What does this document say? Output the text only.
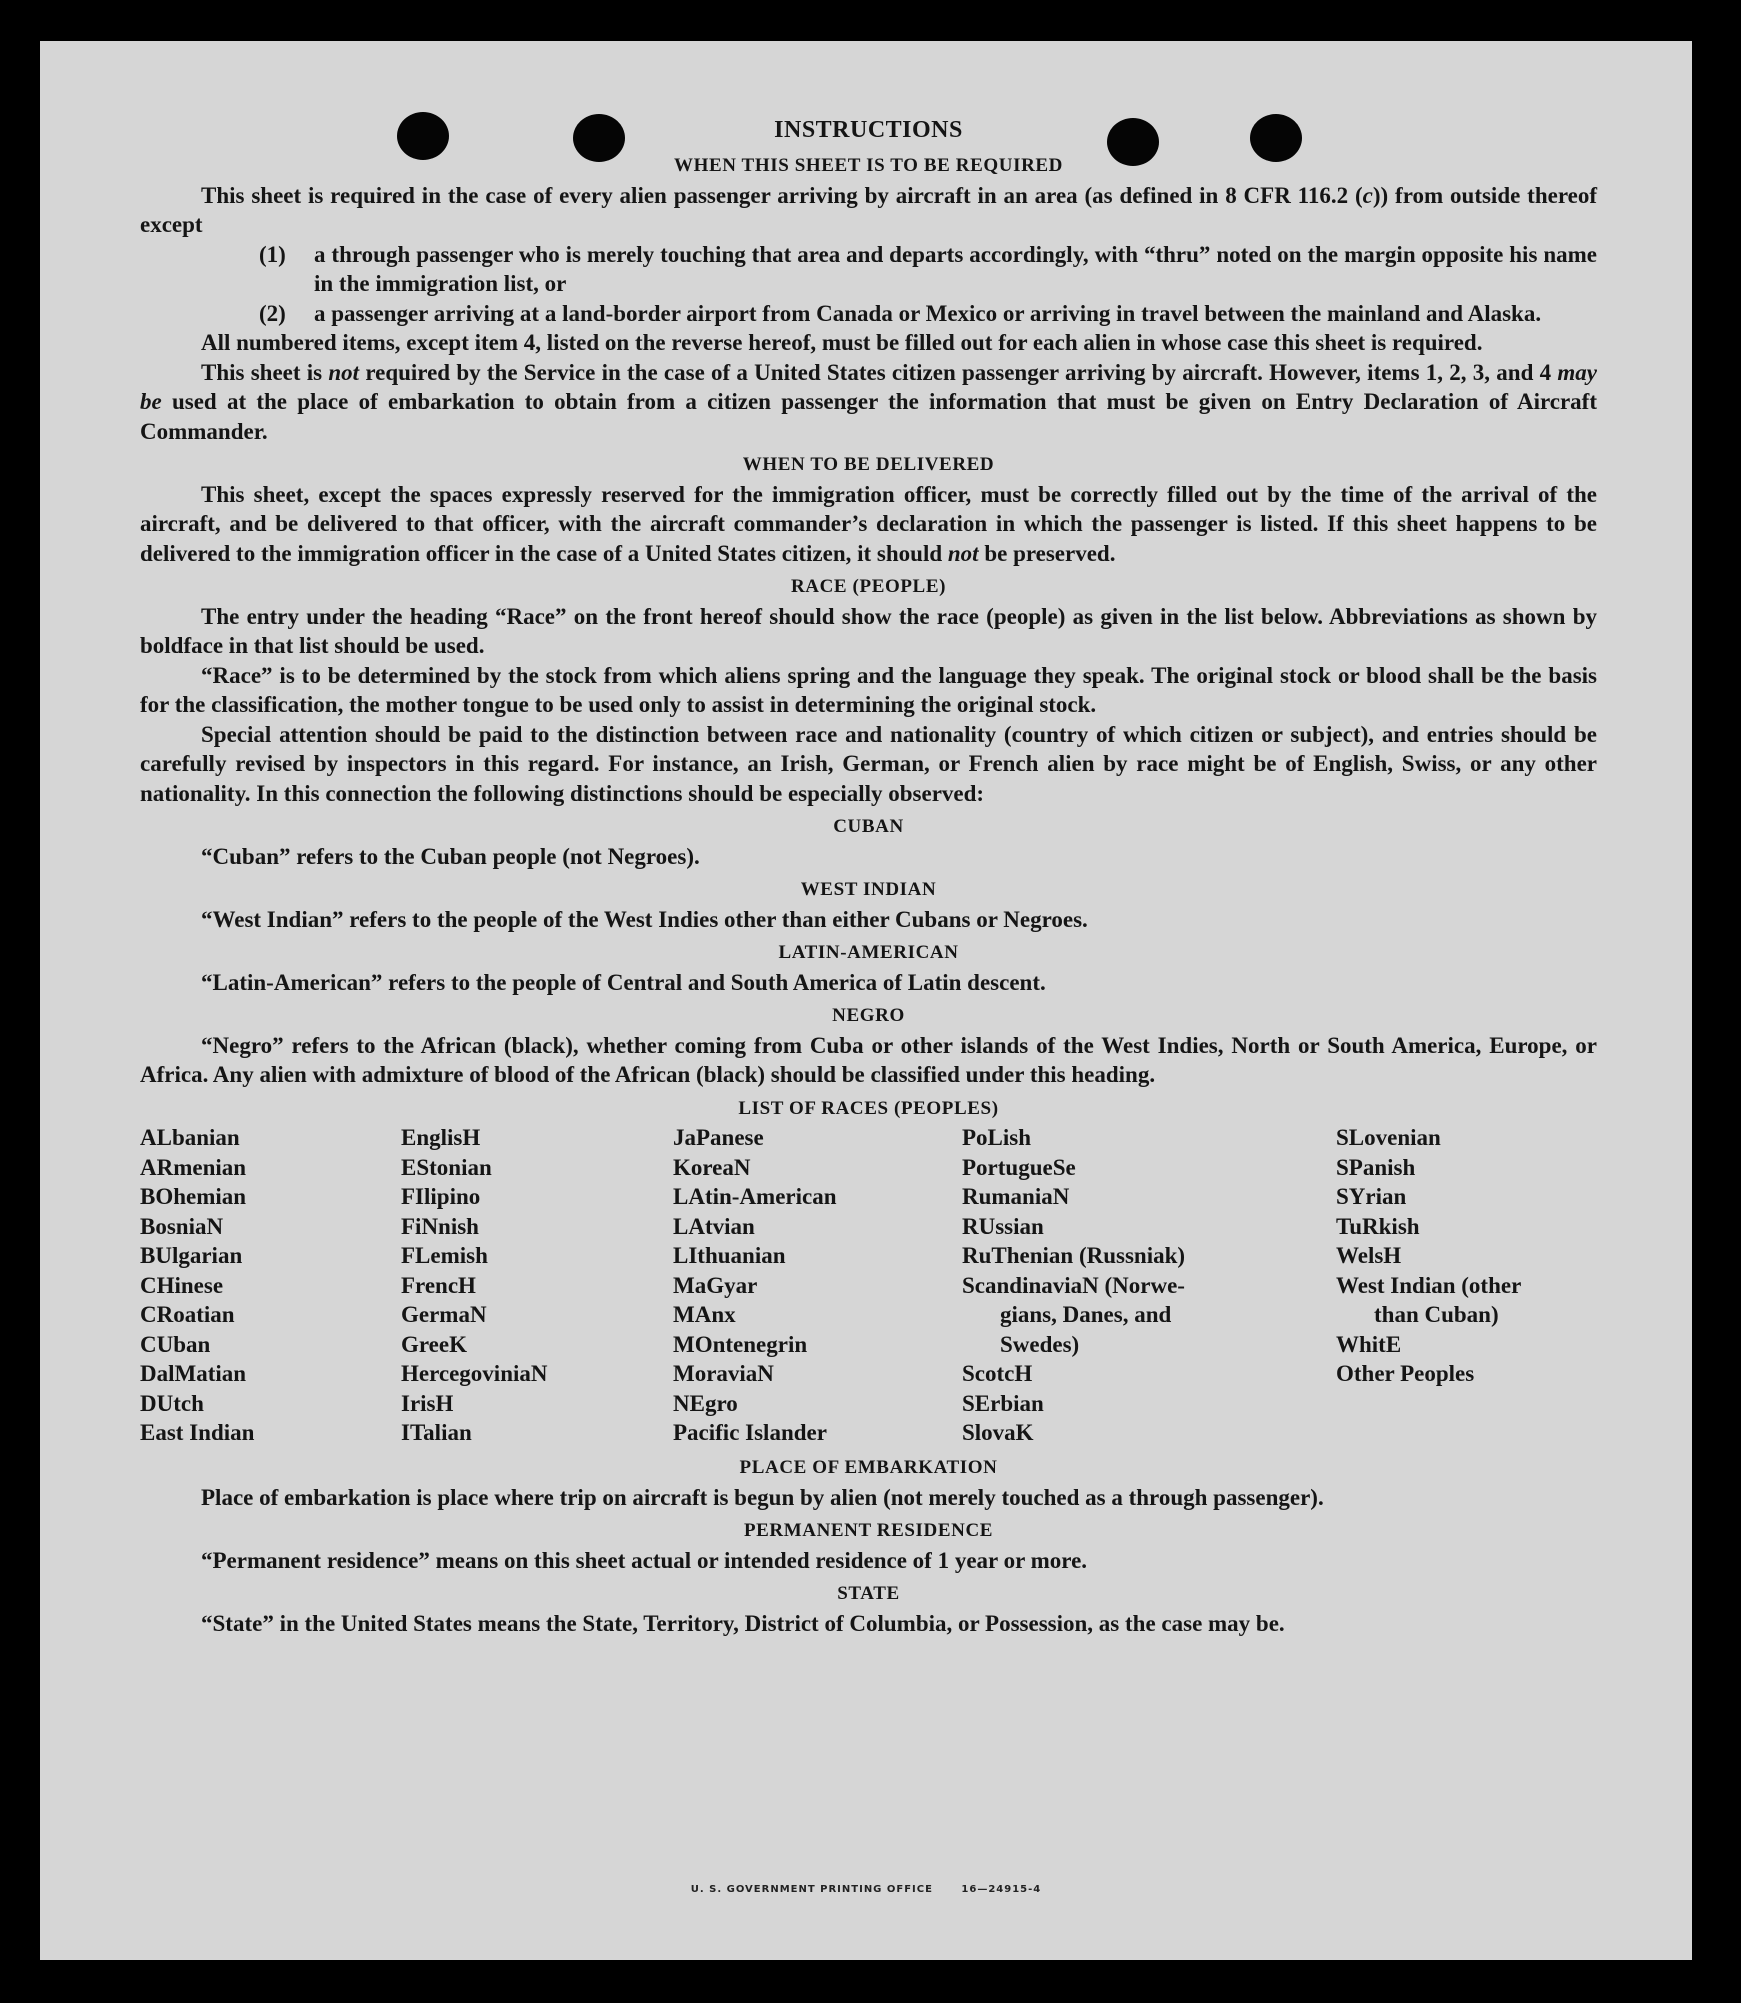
INSTRUCTIONS
WHEN THIS SHEET IS TO BE REQUIRED

This sheet is required in the case of every alien passenger arriving by aircraft in an area (as defined in 8 CFR 116.2 (c)) from outside thereof except

(1) a through passenger who is merely touching that area and departs accordingly, with “thru” noted on the margin opposite his name in the immigration list, or
(2) a passenger arriving at a land-border airport from Canada or Mexico or arriving in travel between the mainland and Alaska.

All numbered items, except item 4, listed on the reverse hereof, must be filled out for each alien in whose case this sheet is required.

This sheet is not required by the Service in the case of a United States citizen passenger arriving by aircraft. However, items 1, 2, 3, and 4 may be used at the place of embarkation to obtain from a citizen passenger the information that must be given on Entry Declaration of Aircraft Commander.

WHEN TO BE DELIVERED

This sheet, except the spaces expressly reserved for the immigration officer, must be correctly filled out by the time of the arrival of the aircraft, and be delivered to that officer, with the aircraft commander’s declaration in which the passenger is listed. If this sheet happens to be delivered to the immigration officer in the case of a United States citizen, it should not be preserved.

RACE (PEOPLE)

The entry under the heading “Race” on the front hereof should show the race (people) as given in the list below. Abbreviations as shown by boldface in that list should be used.

“Race” is to be determined by the stock from which aliens spring and the language they speak. The original stock or blood shall be the basis for the classification, the mother tongue to be used only to assist in determining the original stock.

Special attention should be paid to the distinction between race and nationality (country of which citizen or subject), and entries should be carefully revised by inspectors in this regard. For instance, an Irish, German, or French alien by race might be of English, Swiss, or any other nationality. In this connection the following distinctions should be especially observed:

CUBAN

“Cuban” refers to the Cuban people (not Negroes).

WEST INDIAN

“West Indian” refers to the people of the West Indies other than either Cubans or Negroes.

LATIN-AMERICAN

“Latin-American” refers to the people of Central and South America of Latin descent.

NEGRO

“Negro” refers to the African (black), whether coming from Cuba or other islands of the West Indies, North or South America, Europe, or Africa. Any alien with admixture of blood of the African (black) should be classified under this heading.

LIST OF RACES (PEOPLES)
ALbanian
ARmenian
BOhemian
BosniaN
BUlgarian
CHinese
CRoatian
CUban
DalMatian
DUtch
East Indian
EnglisH
EStonian
FIlipino
FiNnish
FLemish
FrencH
GermaN
GreeK
HercegoviniaN
IrisH
ITalian
JaPanese
KoreaN
LAtin-American
LAtvian
LIthuanian
MaGyar
MAnx
MOntenegrin
MoraviaN
NEgro
Pacific Islander
PoLish
PortugueSe
RumaniaN
RUssian
RuThenian (Russniak)
ScandinaviaN (Norwe-
gians, Danes, and
Swedes)
ScotcH
SErbian
SlovaK
SLovenian
SPanish
SYrian
TuRkish
WelsH
West Indian (other
than Cuban)
WhitE
Other Peoples
PLACE OF EMBARKATION

Place of embarkation is place where trip on aircraft is begun by alien (not merely touched as a through passenger).

PERMANENT RESIDENCE

“Permanent residence” means on this sheet actual or intended residence of 1 year or more.

STATE

“State” in the United States means the State, Territory, District of Columbia, or Possession, as the case may be.

U. S. GOVERNMENT PRINTING OFFICE	16—24915-4
